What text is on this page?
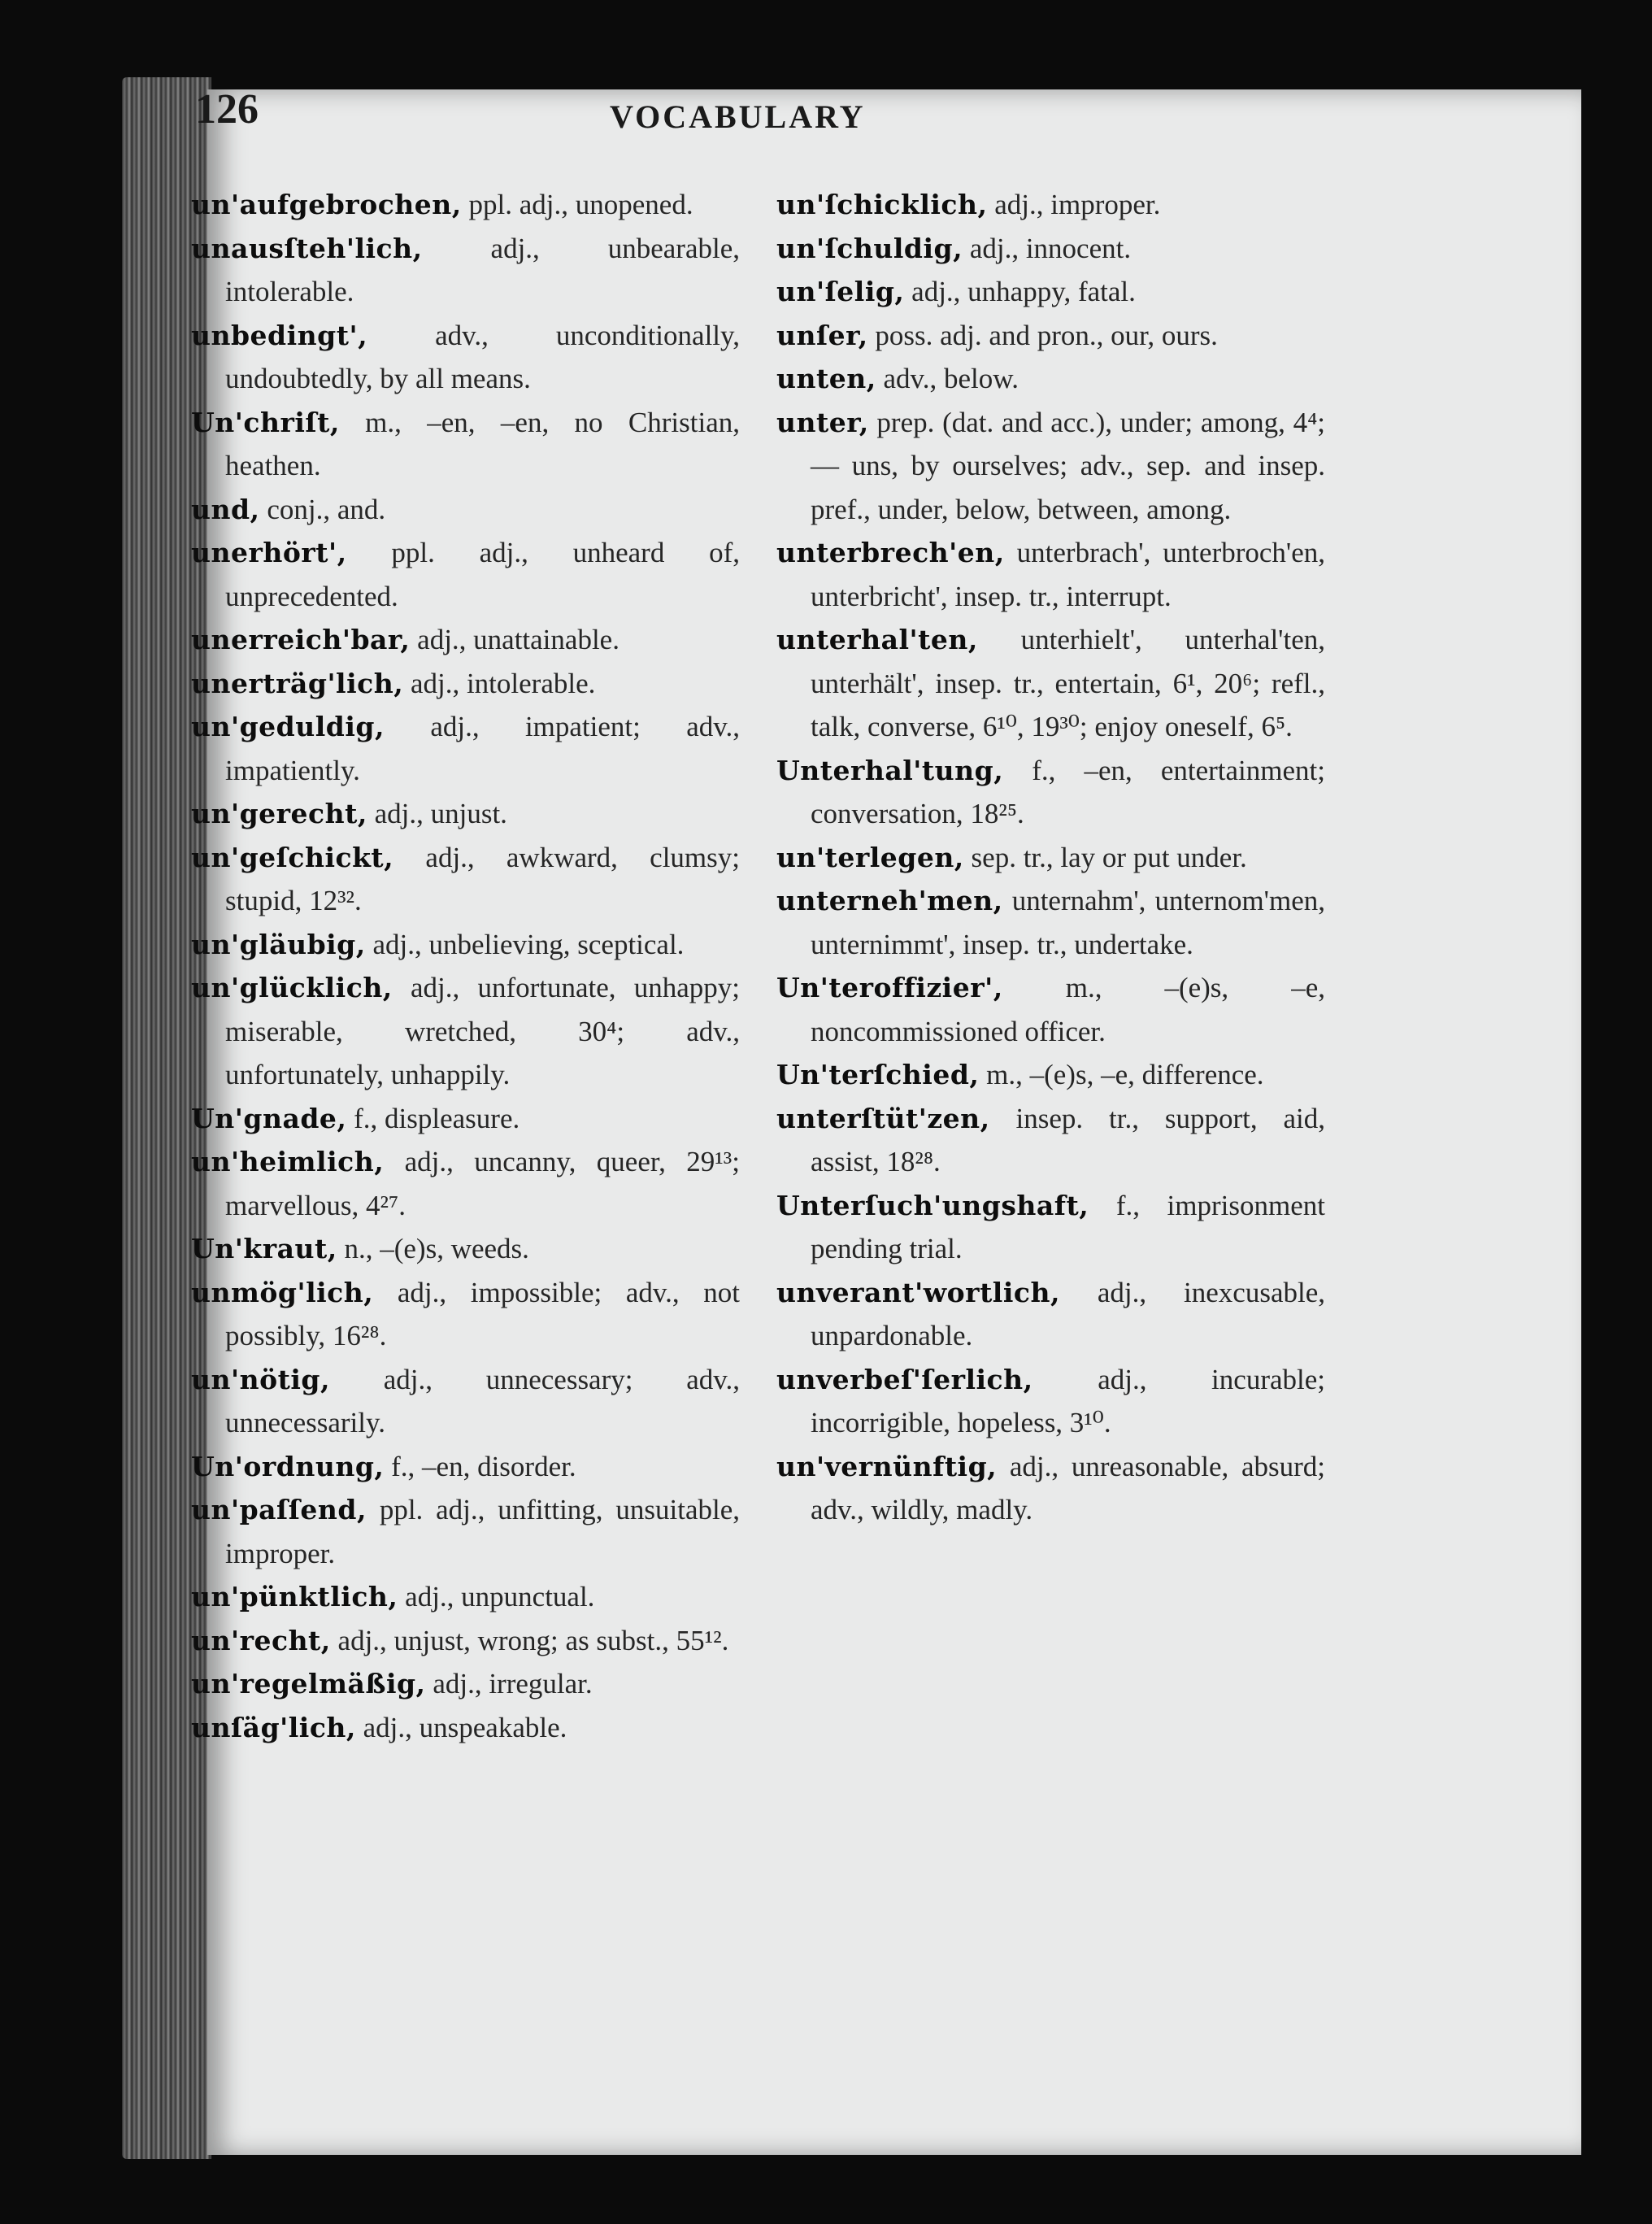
126	VOCABULARY
un'aufgebrochen, ppl. adj., unopened.
unausſteh'lich, adj., unbearable, intolerable.
unbedingt', adv., unconditionally, undoubtedly, by all means.
Un'chriſt, m., –en, –en, no Christian, heathen.
und, conj., and.
unerhört', ppl. adj., unheard of, unprecedented.
unerreich'bar, adj., unattainable.
unerträg'lich, adj., intolerable.
un'geduldig, adj., impatient; adv., impatiently.
un'gerecht, adj., unjust.
un'geſchickt, adj., awkward, clumsy; stupid, 12³².
un'gläubig, adj., unbelieving, sceptical.
un'glücklich, adj., unfortunate, unhappy; miserable, wretched, 30⁴; adv., unfortunately, unhappily.
Un'gnade, f., displeasure.
un'heimlich, adj., uncanny, queer, 29¹³; marvellous, 4²⁷.
Un'kraut, n., –(e)s, weeds.
unmög'lich, adj., impossible; adv., not possibly, 16²⁸.
un'nötig, adj., unnecessary; adv., unnecessarily.
Un'ordnung, f., –en, disorder.
un'paſſend, ppl. adj., unfitting, unsuitable, improper.
un'pünktlich, adj., unpunctual.
un'recht, adj., unjust, wrong; as subst., 55¹².
un'regelmäßig, adj., irregular.
unſäg'lich, adj., unspeakable.
un'ſchicklich, adj., improper.
un'ſchuldig, adj., innocent.
un'ſelig, adj., unhappy, fatal.
unſer, poss. adj. and pron., our, ours.
unten, adv., below.
unter, prep. (dat. and acc.), under; among, 4⁴; — uns, by ourselves; adv., sep. and insep. pref., under, below, between, among.
unterbrech'en, unterbrach', unterbroch'en, unterbricht', insep. tr., interrupt.
unterhal'ten, unterhielt', unterhal'ten, unterhält', insep. tr., entertain, 6¹, 20⁶; refl., talk, converse, 6¹⁰, 19³⁰; enjoy oneself, 6⁵.
Unterhal'tung, f., –en, entertainment; conversation, 18²⁵.
un'terlegen, sep. tr., lay or put under.
unterneh'men, unternahm', unternom'men, unternimmt', insep. tr., undertake.
Un'teroffizier', m., –(e)s, –e, noncommissioned officer.
Un'terſchied, m., –(e)s, –e, difference.
unterſtüt'zen, insep. tr., support, aid, assist, 18²⁸.
Unterſuch'ungshaft, f., imprisonment pending trial.
unverant'wortlich, adj., inexcusable, unpardonable.
unverbeſ'ſerlich, adj., incurable; incorrigible, hopeless, 3¹⁰.
un'vernünftig, adj., unreasonable, absurd; adv., wildly, madly.
